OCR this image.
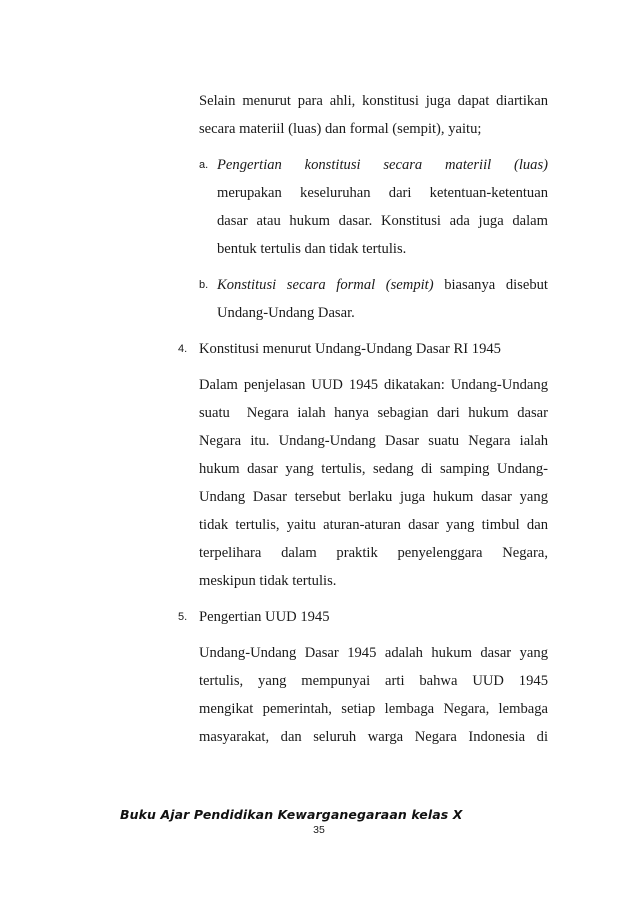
Selain menurut para ahli, konstitusi juga dapat diartikan

secara materiil (luas) dan formal (sempit), yaitu;

a. Pengertian konstitusi secara materiil (luas)

merupakan keseluruhan dari ketentuan-ketentuan

dasar atau hukum dasar. Konstitusi ada juga dalam

bentuk tertulis dan tidak tertulis.

b. Konstitusi secara formal (sempit) biasanya disebut

Undang-Undang Dasar.

4. Konstitusi menurut Undang-Undang Dasar RI 1945

Dalam penjelasan UUD 1945 dikatakan: Undang-Undang

suatu  Negara ialah hanya sebagian dari hukum dasar

Negara itu. Undang-Undang Dasar suatu Negara ialah

hukum dasar yang tertulis, sedang di samping Undang-

Undang Dasar tersebut berlaku juga hukum dasar yang

tidak tertulis, yaitu aturan-aturan dasar yang timbul dan

terpelihara dalam praktik penyelenggara Negara,

meskipun tidak tertulis.

5. Pengertian UUD 1945

Undang-Undang Dasar 1945 adalah hukum dasar yang

tertulis, yang mempunyai arti bahwa UUD 1945

mengikat pemerintah, setiap lembaga Negara, lembaga

masyarakat, dan seluruh warga Negara Indonesia di

Buku Ajar Pendidikan Kewarganegaraan kelas X
35
